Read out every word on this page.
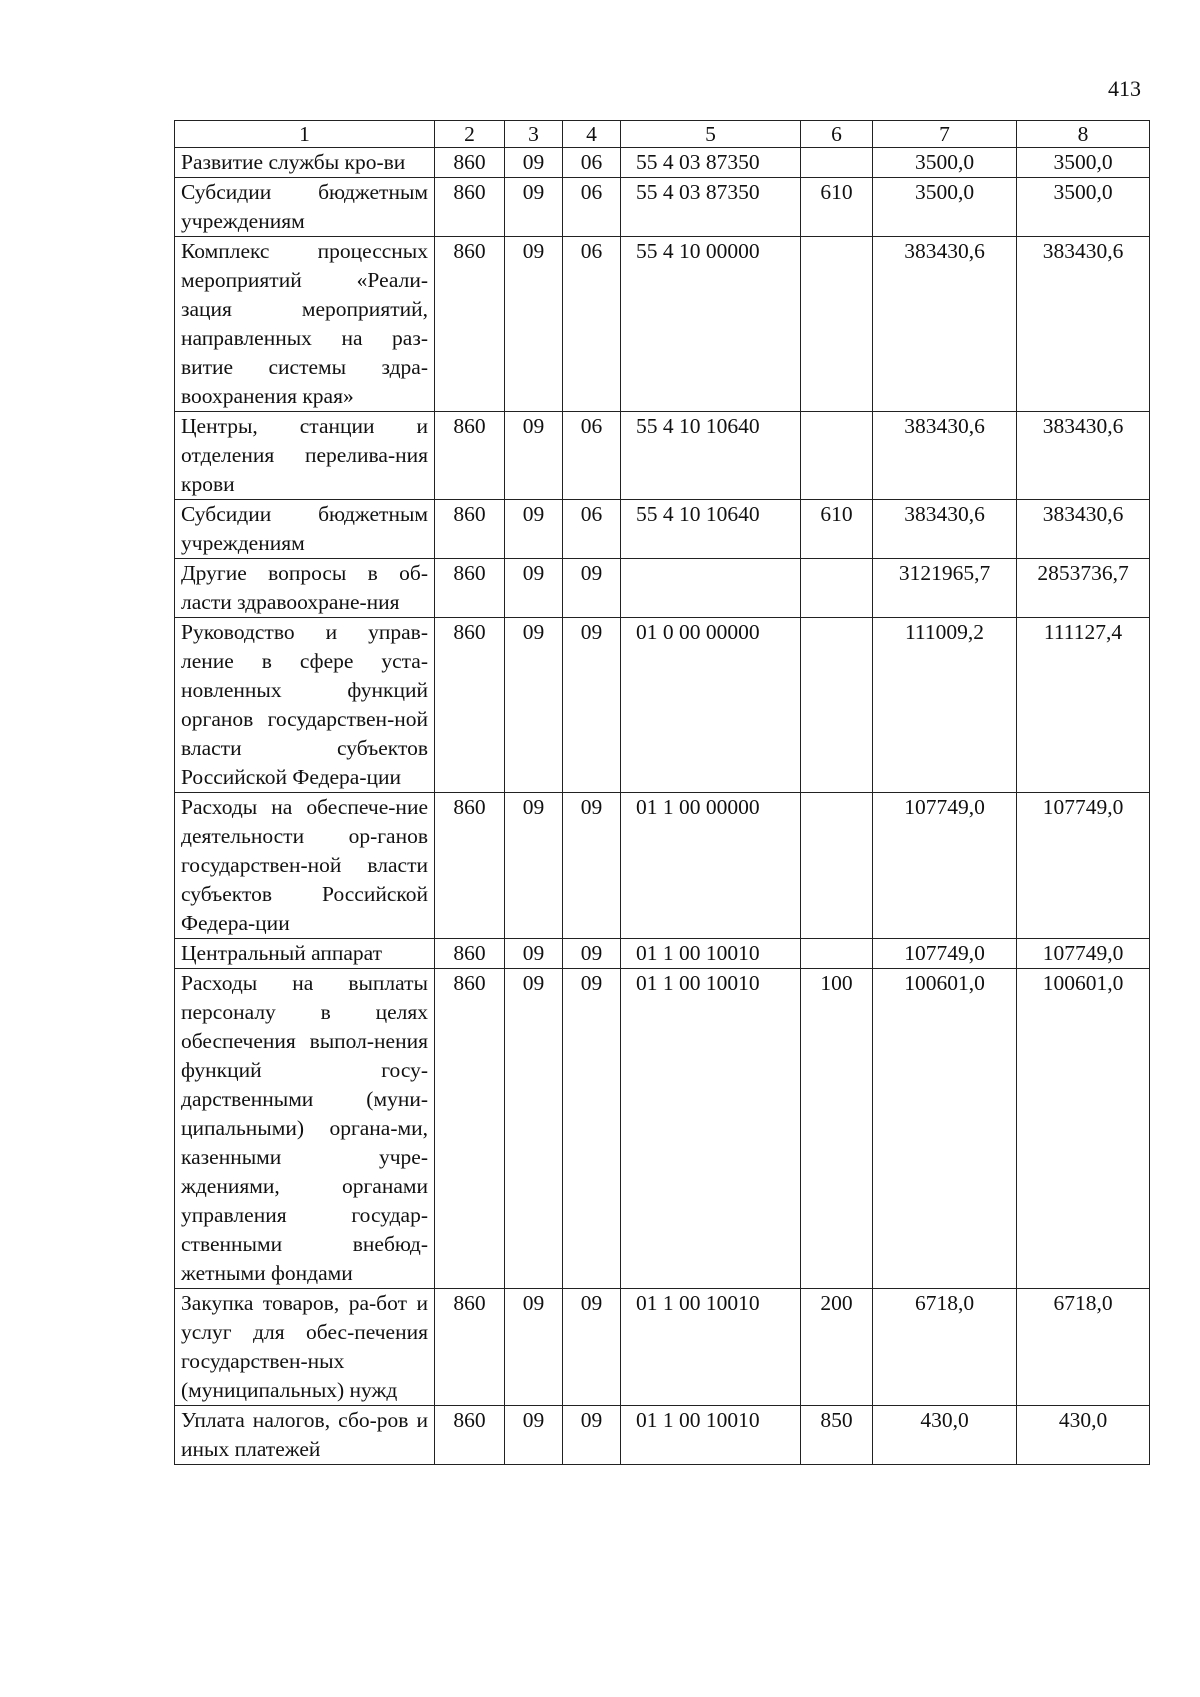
413
1	2	3	4	5	6	7	8
Развитие службы кро-ви	860	09	06	55 4 03 87350		3500,0	3500,0
Субсидии бюджетным учреждениям	860	09	06	55 4 03 87350	610	3500,0	3500,0
Комплекс процессных мероприятий «Реали-зация мероприятий, направленных на раз-витие системы здра-воохранения края»	860	09	06	55 4 10 00000		383430,6	383430,6
Центры, станции и отделения перелива-ния крови	860	09	06	55 4 10 10640		383430,6	383430,6
Субсидии бюджетным учреждениям	860	09	06	55 4 10 10640	610	383430,6	383430,6
Другие вопросы в об-ласти здравоохране-ния	860	09	09			3121965,7	2853736,7
Руководство и управ-ление в сфере уста-новленных функций органов государствен-ной власти субъектов Российской Федера-ции	860	09	09	01 0 00 00000		111009,2	111127,4
Расходы на обеспече-ние деятельности ор-ганов государствен-ной власти субъектов Российской Федера-ции	860	09	09	01 1 00 00000		107749,0	107749,0
Центральный аппарат	860	09	09	01 1 00 10010		107749,0	107749,0
Расходы на выплаты персоналу в целях обеспечения выпол-нения функций госу-дарственными (муни-ципальными) органа-ми, казенными учре-ждениями, органами управления государ-ственными внебюд-жетными фондами	860	09	09	01 1 00 10010	100	100601,0	100601,0
Закупка товаров, ра-бот и услуг для обес-печения государствен-ных (муниципальных) нужд	860	09	09	01 1 00 10010	200	6718,0	6718,0
Уплата налогов, сбо-ров и иных платежей	860	09	09	01 1 00 10010	850	430,0	430,0
